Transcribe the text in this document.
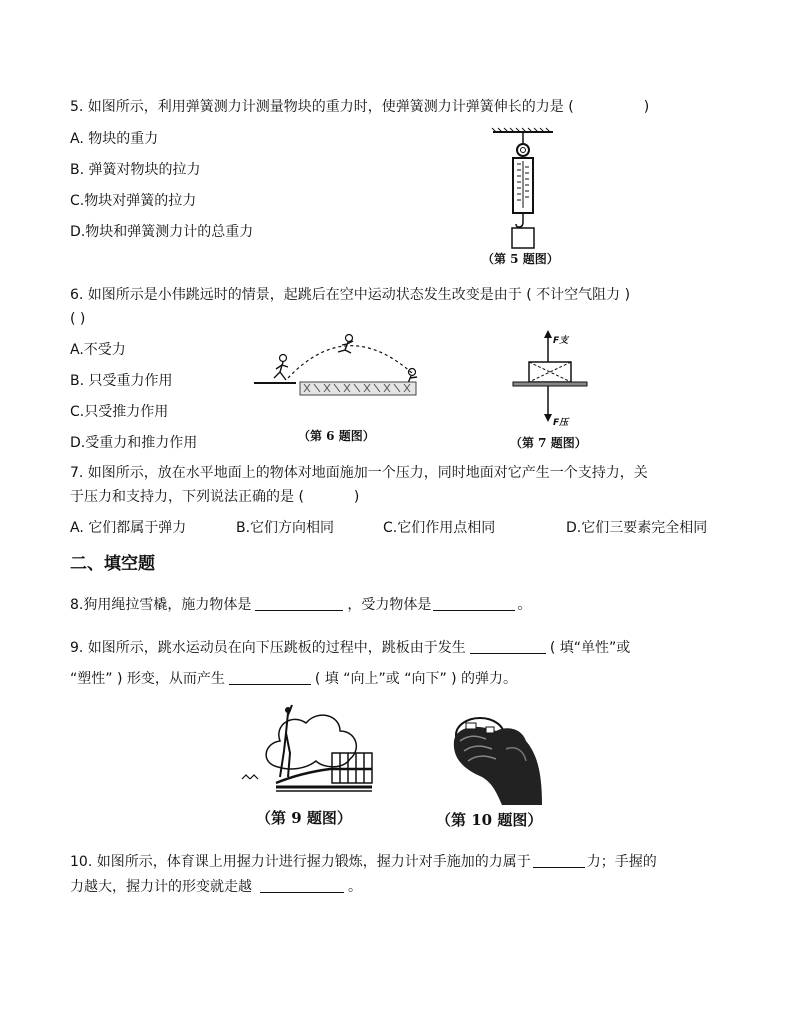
5. 如图所示，利用弹簧测力计测量物块的重力时，使弹簧测力计弹簧伸长的力是 (	)
A. 物块的重力
B. 弹簧对物块的拉力
C.物块对弹簧的拉力
D.物块和弹簧测力计的总重力
（第 5 题图）
6. 如图所示是小伟跳远时的情景，起跳后在空中运动状态发生改变是由于 ( 不计空气阻力 )
( )
A.不受力
B. 只受重力作用
C.只受推力作用
D.受重力和推力作用	（第 6 题图）
F支
F压
（第 7 题图）
7. 如图所示，放在水平地面上的物体对地面施加一个压力，同时地面对它产生一个支持力，关
于压力和支持力，下列说法正确的是 (	)
A. 它们都属于弹力	B.它们方向相同	C.它们作用点相同	D.它们三要素完全相同
二、填空题
8.狗用绳拉雪橇，施力物体是	，受力物体是	。
9. 如图所示，跳水运动员在向下压跳板的过程中，跳板由于发生	( 填“单性”或
“塑性” ) 形变，从而产生	( 填 “向上”或 “向下” ) 的弹力。
（第 9 题图）	（第 10 题图）
10. 如图所示，体育课上用握力计进行握力锻炼，握力计对手施加的力属于	力；手握的
力越大，握力计的形变就走越	。
